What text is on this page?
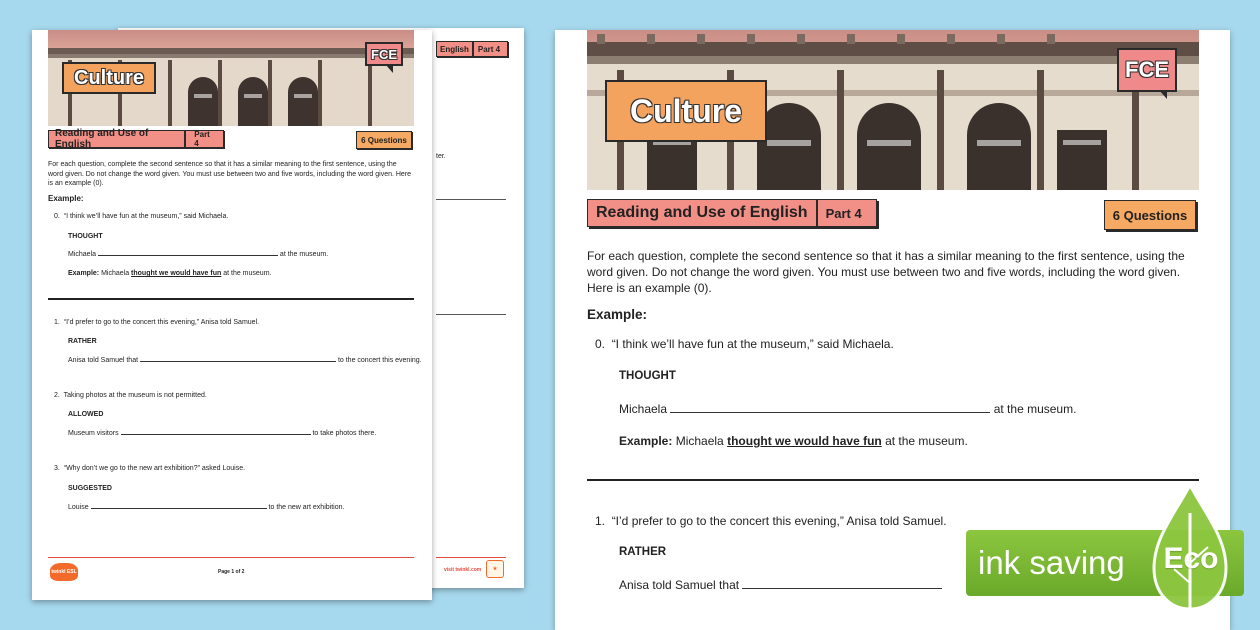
English	Part 4
ter.
visit twinkl.com	★
Culture
FCE
Reading and Use of English
Part 4	6 Questions
For each question, complete the second sentence so that it has a similar meaning to the first sentence, using the word given. Do not change the word given. You must use between two and five words, including the word given. Here is an example (0).
Example:
0. “I think we’ll have fun at the museum,” said Michaela.
THOUGHT
Michaela	at the museum.
Example: Michaela thought we would have fun at the museum.
1. “I’d prefer to go to the concert this evening,” Anisa told Samuel.
RATHER
Anisa told Samuel that	to the concert this evening.
2. Taking photos at the museum is not permitted.
ALLOWED
Museum visitors	to take photos there.
3. “Why don’t we go to the new art exhibition?” asked Louise.
SUGGESTED
Louise	to the new art exhibition.
twinkl ESL	Page 1 of 2
Culture
FCE
Reading and Use of English	Part 4	6 Questions
For each question, complete the second sentence so that it has a similar meaning to the first sentence, using the word given. Do not change the word given. You must use between two and five words, including the word given. Here is an example (0).
Example:
0. “I think we’ll have fun at the museum,” said Michaela.
THOUGHT
Michaela	at the museum.
Example: Michaela thought we would have fun at the museum.
1. “I’d prefer to go to the concert this evening,” Anisa told Samuel.
RATHER
Anisa told Samuel that
ink saving Eco
